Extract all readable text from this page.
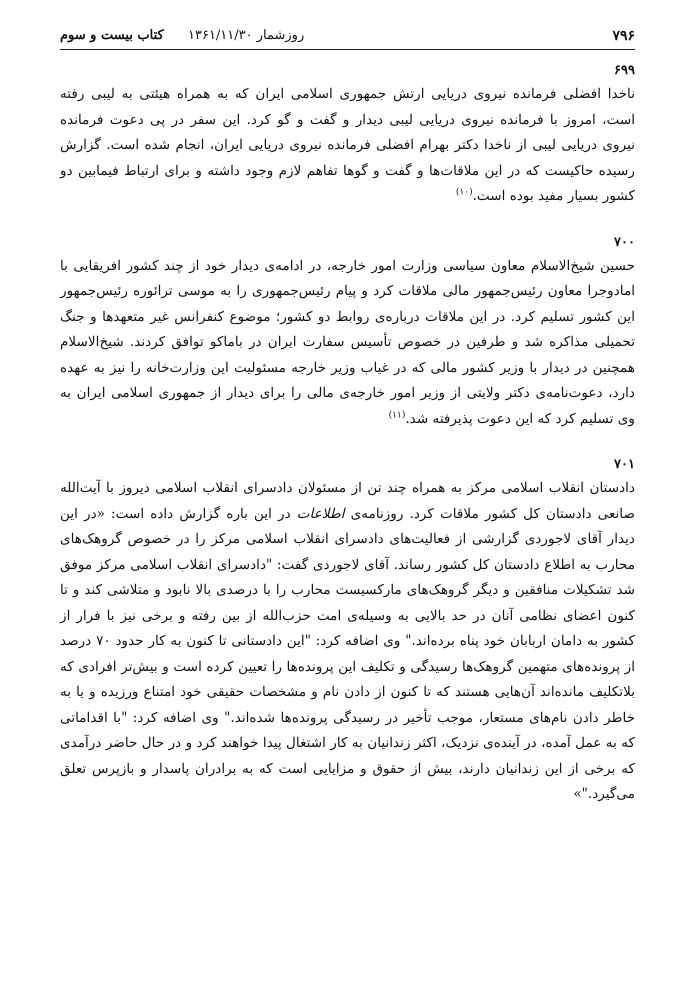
۷۹۶
روزشمار ۱۳۶۱/۱۱/۳۰
کتاب بیست و سوم
۶۹۹

ناخدا افضلی فرمانده نیروی دریایی ارتش جمهوری اسلامی ایران که به همراه هیئتی به لیبی رفته است، امروز با فرمانده نیروی دریایی لیبی دیدار و گفت و گو کرد. این سفر در پی دعوت فرمانده نیروی دریایی لیبی از ناخدا دکتر بهرام افضلی فرمانده نیروی دریایی ایران، انجام شده است. گزارش رسیده حاکیست که در این ملاقات‌ها و گفت و گوها تفاهم لازم وجود داشته و برای ارتباط فیمابین دو کشور بسیار مفید بوده است.$^{(۱۰)}$

۷۰۰

حسین شیخ‌الاسلام معاون سیاسی وزارت امور خارجه، در ادامه‌ی دیدار خود از چند کشور افریقایی با امادوجرا معاون رئیس‌جمهور مالی ملاقات کرد و پیام رئیس‌جمهوری را به موسی ترائوره رئیس‌جمهور این کشور تسلیم کرد. در این ملاقات درباره‌ی روابط دو کشور؛ موضوع کنفرانس غیر متعهدها و جنگ تحمیلی مذاکره شد و طرفین در خصوص تأسیس سفارت ایران در باماکو توافق کردند. شیخ‌الاسلام همچنین در دیدار با وزیر کشور مالی که در غیاب وزیر خارجه مسئولیت این وزارت‌خانه را نیز به عهده دارد، دعوت‌نامه‌ی دکتر ولایتی از وزیر امور خارجه‌ی مالی را برای دیدار از جمهوری اسلامی ایران به وی تسلیم کرد که این دعوت پذیرفته شد.$^{(۱۱)}$

۷۰۱

دادستان انقلاب اسلامی مرکز به همراه چند تن از مسئولان دادسرای انقلاب اسلامی دیروز با آیت‌الله صانعی دادستان کل کشور ملاقات کرد. روزنامه‌ی اطلاعات در این باره گزارش داده است: «در این دیدار آقای لاجوردی گزارشی از فعالیت‌های دادسرای انقلاب اسلامی مرکز را در خصوص گروهک‌های محارب به اطلاع دادستان کل کشور رساند. آقای لاجوردی گفت: "دادسرای انقلاب اسلامی مرکز موفق شد تشکیلات منافقین و دیگر گروهک‌های مارکسیست محارب را با درصدی بالا نابود و متلاشی کند و تا کنون اعضای نظامی آنان در حد بالایی به وسیله‌ی امت حزب‌الله از بین رفته و برخی نیز با فرار از کشور به دامان اربابان خود پناه برده‌اند." وی اضافه کرد: "این دادستانی تا کنون به کار حدود ۷۰ درصد از پرونده‌های متهمین گروهک‌ها رسیدگی و تکلیف این پرونده‌ها را تعیین کرده است و بیش‌تر افرادی که بلاتکلیف مانده‌اند آن‌هایی هستند که تا کنون از دادن نام و مشخصات حقیقی خود امتناع ورزیده و یا به خاطر دادن نام‌های مستعار، موجب تأخیر در رسیدگی پرونده‌ها شده‌اند." وی اضافه کرد: "با اقداماتی که به عمل آمده، در آینده‌ی نزدیک، اکثر زندانیان به کار اشتغال پیدا خواهند کرد و در حال حاضر درآمدی که برخی از این زندانیان دارند، بیش از حقوق و مزایایی است که به برادران پاسدار و بازپرس تعلق می‌گیرد."»
